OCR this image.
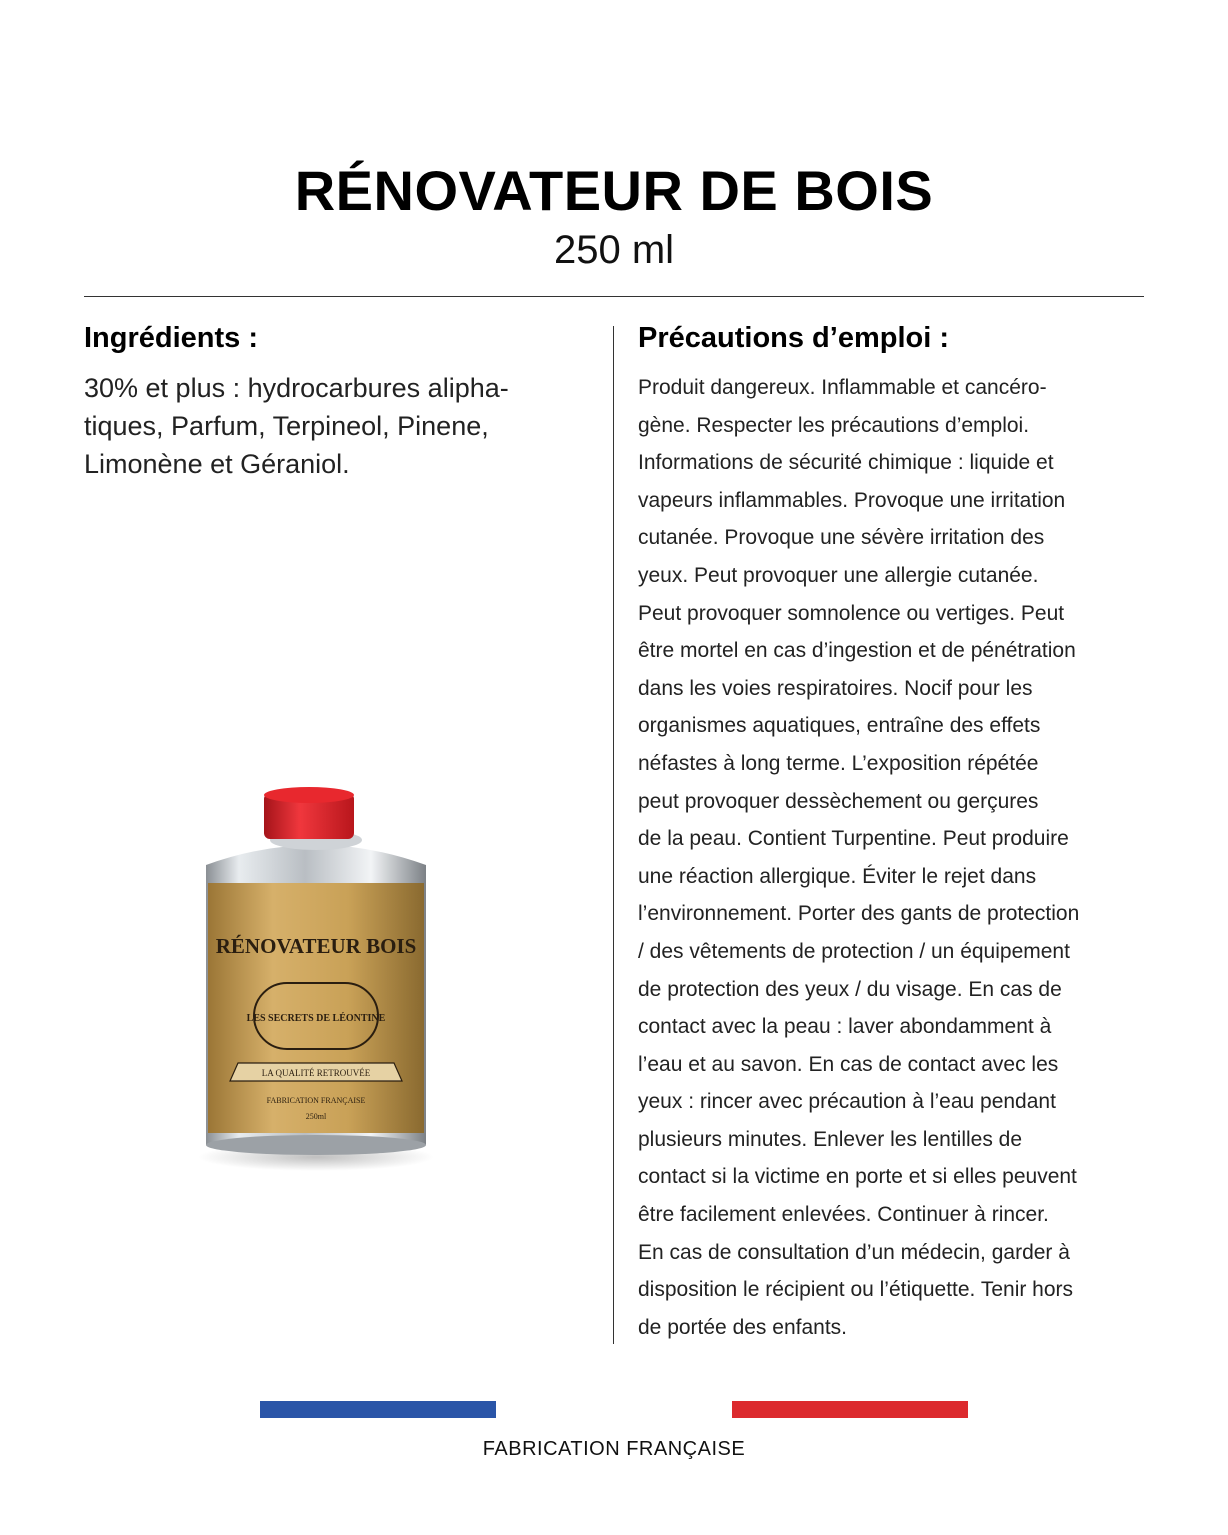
RÉNOVATEUR DE BOIS
250 ml
Ingrédients :

30% et plus : hydrocarbures alipha-
tiques, Parfum, Terpineol, Pinene,
Limonène et Géraniol.

Précautions d’emploi :

Produit dangereux. Inflammable et cancéro-
gène. Respecter les précautions d’emploi.
Informations de sécurité chimique : liquide et
vapeurs inflammables. Provoque une irritation
cutanée. Provoque une sévère irritation des
yeux. Peut provoquer une allergie cutanée.
Peut provoquer somnolence ou vertiges. Peut
être mortel en cas d’ingestion et de pénétration
dans les voies respiratoires. Nocif pour les
organismes aquatiques, entraîne des effets
néfastes à long terme. L’exposition répétée
peut provoquer dessèchement ou gerçures
de la peau. Contient Turpentine. Peut produire
une réaction allergique. Éviter le rejet dans
l’environnement. Porter des gants de protection
/ des vêtements de protection / un équipement
de protection des yeux / du visage. En cas de
contact avec la peau : laver abondamment à
l’eau et au savon. En cas de contact avec les
yeux : rincer avec précaution à l’eau pendant
plusieurs minutes. Enlever les lentilles de
contact si la victime en porte et si elles peuvent
être facilement enlevées. Continuer à rincer.
En cas de consultation d’un médecin, garder à
disposition le récipient ou l’étiquette. Tenir hors
de portée des enfants.

RÉNOVATEUR BOIS
LES SECRETS DE LÉONTINE
LA QUALITÉ RETROUVÉE
FABRICATION FRANÇAISE
250ml
FABRICATION FRANÇAISE
